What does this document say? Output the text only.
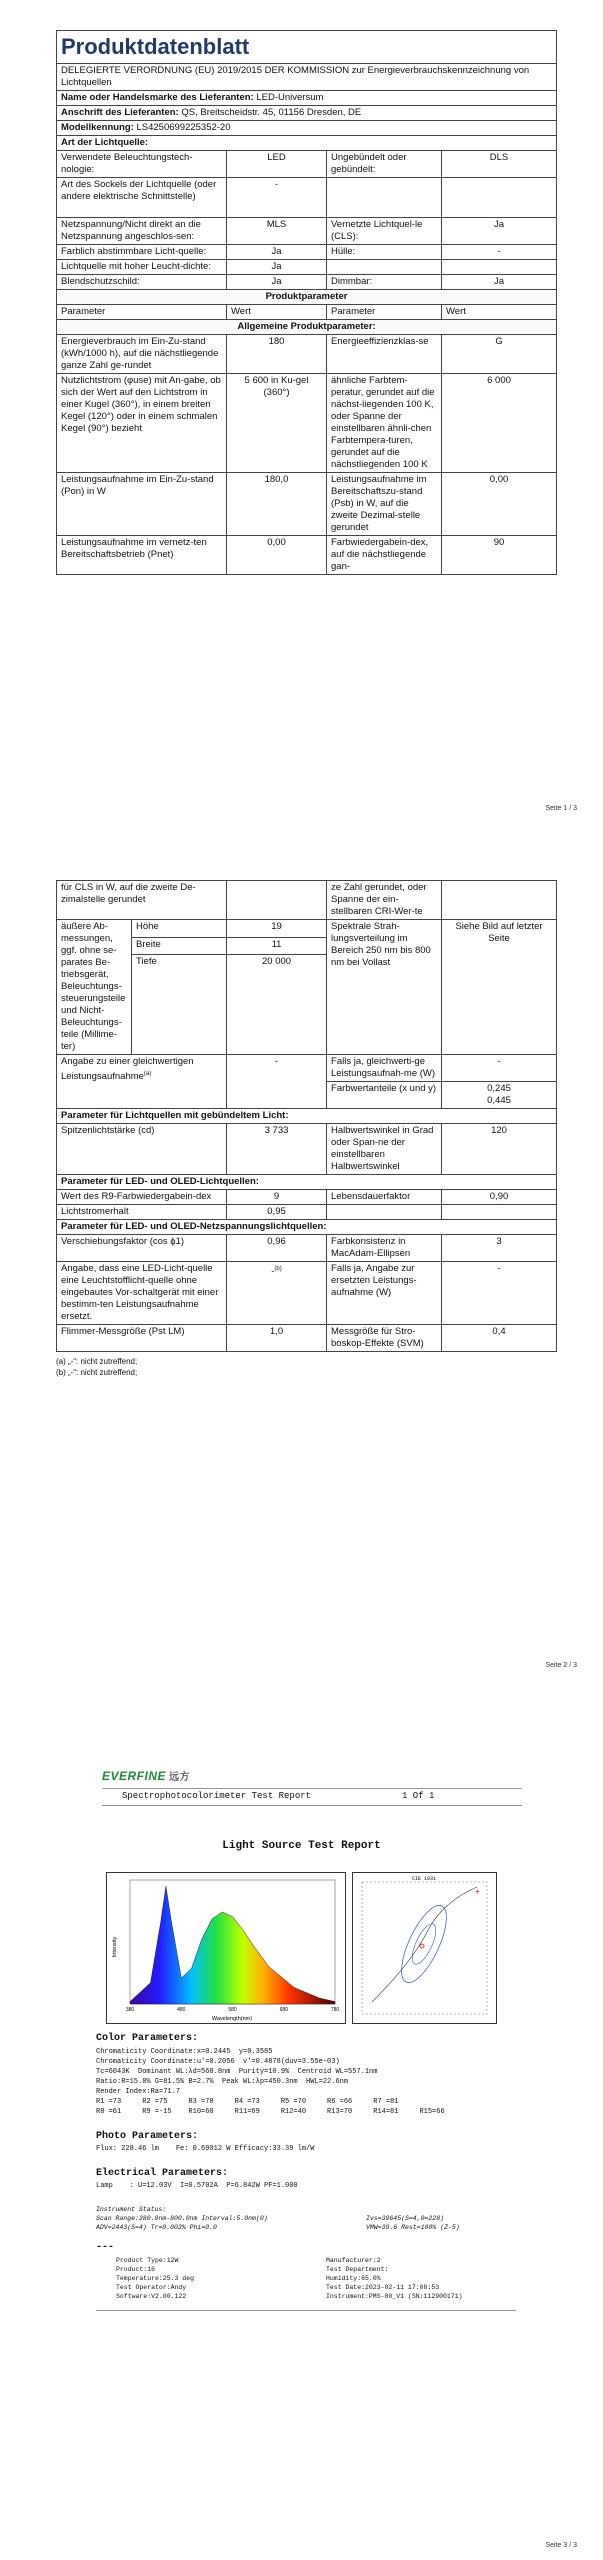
Produktdatenblatt			
DELEGIERTE VERORDNUNG (EU) 2019/2015 DER KOMMISSION zur Energieverbrauchskennzeichnung von Lichtquellen			
Name oder Handelsmarke des Lieferanten: LED-Universum			
Anschrift des Lieferanten: QS, Breitscheidstr. 45, 01156 Dresden, DE			
Modellkennung: LS4250699225352-20			
Art der Lichtquelle:			
Verwendete Beleuchtungstech-nologie:	LED	Ungebündelt oder gebündelt:	DLS
Art des Sockels der Lichtquelle (oder andere elektrische Schnittstelle)	-		
Netzspannung/Nicht direkt an die Netzspannung angeschlos-sen:	MLS	Vernetzte Lichtquel-le (CLS):	Ja
Farblich abstimmbare Licht-quelle:	Ja	Hülle:	-
Lichtquelle mit hoher Leucht-dichte:	Ja		
Blendschutzschild:	Ja	Dimmbar:	Ja
Produktparameter			
Parameter	Wert	Parameter	Wert
Allgemeine Produktparameter:			
Energieverbrauch im Ein-Zu-stand (kWh/1000 h), auf die nächstliegende ganze Zahl ge-rundet	180	Energieeffizienzklas-se	G
Nutzlichtstrom (φuse) mit An-gabe, ob sich der Wert auf den Lichtstrom in einer Kugel (360°), in einem breiten Kegel (120°) oder in einem schmalen Kegel (90°) bezieht	5 600 in Ku-gel (360°)	ähnliche Farbtem-peratur, gerundet auf die nächst-liegenden 100 K, oder Spanne der einstellbaren ähnli-chen Farbtempera-turen, gerundet auf die nächstliegenden 100 K	6 000
Leistungsaufnahme im Ein-Zu-stand (Pon) in W	180,0	Leistungsaufnahme im Bereitschaftszu-stand (Psb) in W, auf die zweite Dezimal-stelle gerundet	0,00
Leistungsaufnahme im vernetz-ten Bereitschaftsbetrieb (Pnet)	0,00	Farbwiedergabein-dex, auf die nächstliegende gan-	90
Seite 1 / 3
für CLS in W, auf die zweite De-zimalstelle gerundet			ze Zahl gerundet, oder Spanne der ein-stellbaren CRI-Wer-te	
äußere Ab-messungen, ggf. ohne se-parates Be-triebsgerät, Beleuchtungs-steuerungsteile und Nicht-Beleuchtungs-teile (Millime-ter)	Höhe	19	Spektrale Strah-lungsverteilung im Bereich 250 nm bis 800 nm bei Vollast	Siehe Bild auf letzter Seite
	Breite	11		
	Tiefe	20 000		
Angabe zu einer gleichwertigen Leistungsaufnahme$^{(a)}$		-	Falls ja, gleichwerti-ge Leistungsaufnah-me (W)	-
			Farbwertanteile (x und y)	0,245
0,445

Parameter für Lichtquellen mit gebündeltem Licht:				
Spitzenlichtstärke (cd)		3 733	Halbwertswinkel in Grad oder Span-ne der einstellbaren Halbwertswinkel	120
Parameter für LED- und OLED-Lichtquellen:				
Wert des R9-Farbwiedergabein-dex		9	Lebensdauerfaktor	0,90
Lichtstromerhalt		0,95		
Parameter für LED- und OLED-Netzspannungslichtquellen:				
Verschiebungsfaktor (cos ϕ1)		0,96	Farbkonsistenz in MacAdam-Ellipsen	3
Angabe, dass eine LED-Licht-quelle eine Leuchtstofflicht-quelle ohne eingebautes Vor-schaltgerät mit einer bestimm-ten Leistungsaufnahme ersetzt.		-$^{(b)}$	Falls ja, Angabe zur ersetzten Leistungs-aufnahme (W)	-
Flimmer-Messgröße (Pst LM)		1,0	Messgröße für Stro-boskop-Effekte (SVM)	0,4
(a) „-“: nicht zutreffend;
(b) „-“: nicht zutreffend;
Seite 2 / 3
EVERFINE 远方
Spectrophotocolorimeter Test Report	1 Of 1
Light Source Test Report
380	480	580	680	780
Wavelength(nm)
Intensity
CIE 1931
+
Color Parameters:
Chromaticity Coordinate:x=0.2445  y=0.3585
Chromaticity Coordinate:u'=0.2056  v'=0.4878(duv=3.55e-03)
Tc=6043K  Dominant WL:λd=568.8nm  Purity=10.9%  Centroid WL=557.1nm
Ratio:R=15.8% G=81.5% B=2.7%  Peak WL:λp=450.3nm  HWL=22.6nm
Render Index:Ra=71.7
R1 =73     R2 =75     R3 =78     R4 =73     R5 =70     R6 =66     R7 =81
R8 =61     R9 =-15    R10=60     R11=69     R12=40     R13=70     R14=81     R15=66
Photo Parameters:
Flux: 228.46 lm    Fe: 0.69012 W Efficacy:33.39 lm/W
Electrical Parameters:
Lamp    : U=12.03V  I=0.5702A  P=6.842W PF=1.000
Instrument Status:
Scan Range:380.0nm-800.0nm Interval:5.0nm(0)	Ivs=39645(S=4,0=228)
ADV=2443(S=4) Tr=0.003% Phi=0.0	VMW=39.6 Rest=100% (Z-5)
---
Product Type:12W
Product:16
Temperature:25.3 deg
Test Operator:Andy
Software:V2.00.122
Manufacturer:2
Test Department:
Humidity:65.0%
Test Date:2023-02-11 17:08:53
Instrument:PMS-80_V1 (SN:112900171)
Seite 3 / 3
